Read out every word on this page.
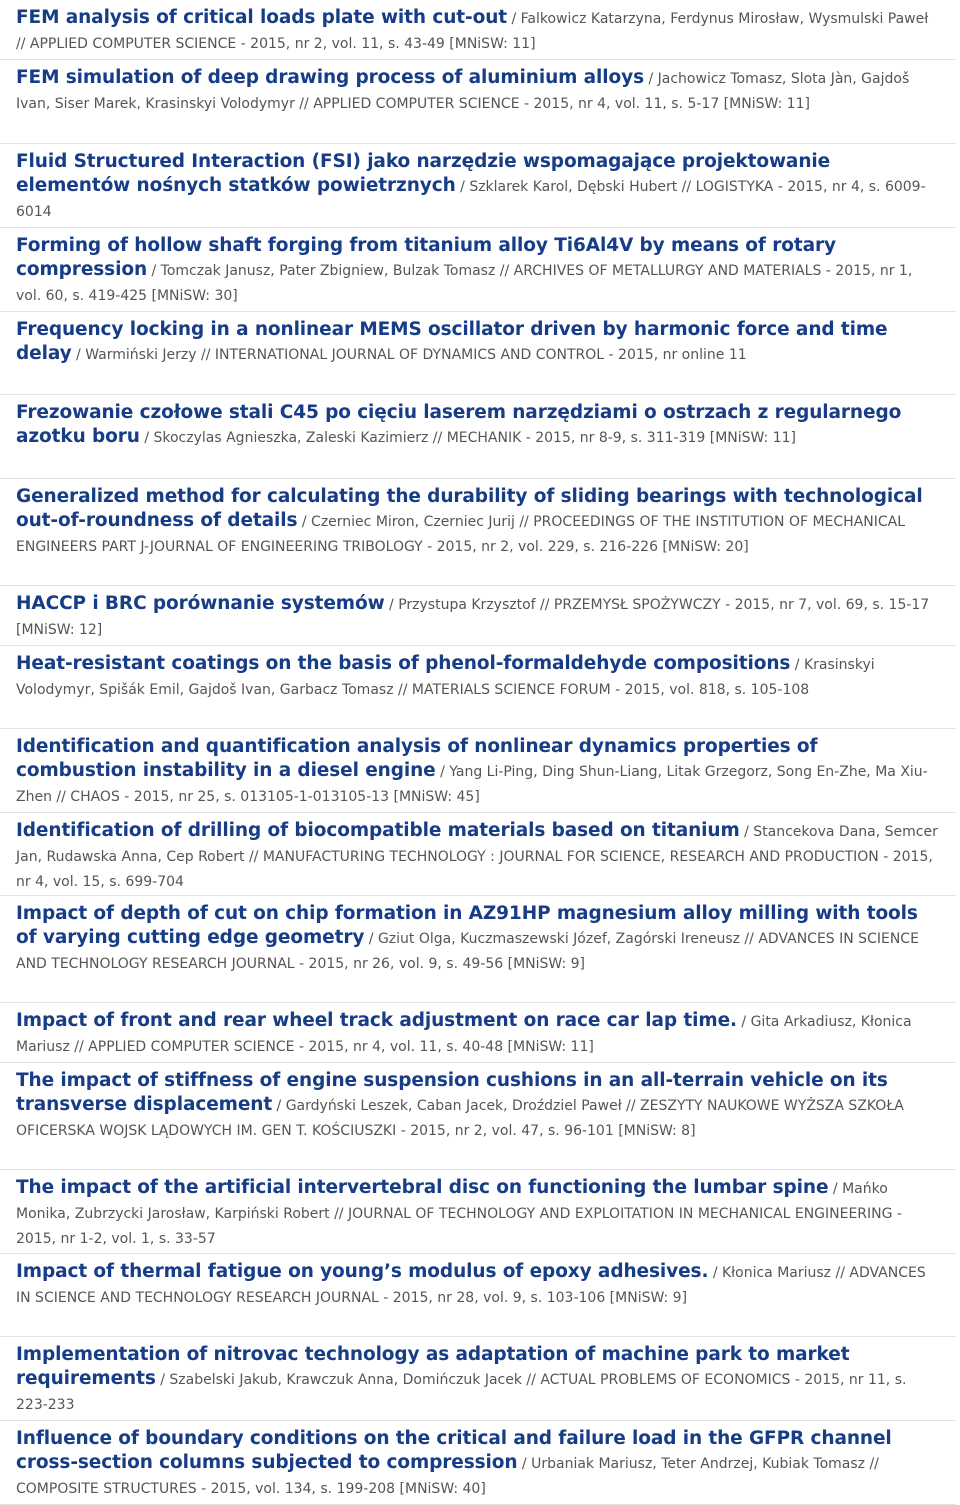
FEM analysis of critical loads plate with cut-out / Falkowicz Katarzyna, Ferdynus Mirosław, Wysmulski Paweł // APPLIED COMPUTER SCIENCE - 2015, nr 2, vol. 11, s. 43-49 [MNiSW: 11]
FEM simulation of deep drawing process of aluminium alloys / Jachowicz Tomasz, Slota Jàn, Gajdoš Ivan, Siser Marek, Krasinskyi Volodymyr // APPLIED COMPUTER SCIENCE - 2015, nr 4, vol. 11, s. 5-17 [MNiSW: 11]
Fluid Structured Interaction (FSI) jako narzędzie wspomagające projektowanie elementów nośnych statków powietrznych / Szklarek Karol, Dębski Hubert // LOGISTYKA - 2015, nr 4, s. 6009-6014
Forming of hollow shaft forging from titanium alloy Ti6Al4V by means of rotary compression / Tomczak Janusz, Pater Zbigniew, Bulzak Tomasz // ARCHIVES OF METALLURGY AND MATERIALS - 2015, nr 1, vol. 60, s. 419-425 [MNiSW: 30]
Frequency locking in a nonlinear MEMS oscillator driven by harmonic force and time delay / Warmiński Jerzy // INTERNATIONAL JOURNAL OF DYNAMICS AND CONTROL - 2015, nr online 11
Frezowanie czołowe stali C45 po cięciu laserem narzędziami o ostrzach z regularnego azotku boru / Skoczylas Agnieszka, Zaleski Kazimierz // MECHANIK - 2015, nr 8-9, s. 311-319 [MNiSW: 11]
Generalized method for calculating the durability of sliding bearings with technological out-of-roundness of details / Czerniec Miron, Czerniec Jurij // PROCEEDINGS OF THE INSTITUTION OF MECHANICAL ENGINEERS PART J-JOURNAL OF ENGINEERING TRIBOLOGY - 2015, nr 2, vol. 229, s. 216-226 [MNiSW: 20]
HACCP i BRC porównanie systemów / Przystupa Krzysztof // PRZEMYSŁ SPOŻYWCZY - 2015, nr 7, vol. 69, s. 15-17 [MNiSW: 12]
Heat-resistant coatings on the basis of phenol-formaldehyde compositions / Krasinskyi Volodymyr, Spišák Emil, Gajdoš Ivan, Garbacz Tomasz // MATERIALS SCIENCE FORUM - 2015, vol. 818, s. 105-108
Identification and quantification analysis of nonlinear dynamics properties of combustion instability in a diesel engine / Yang Li-Ping, Ding Shun-Liang, Litak Grzegorz, Song En-Zhe, Ma Xiu-Zhen // CHAOS - 2015, nr 25, s. 013105-1-013105-13 [MNiSW: 45]
Identification of drilling of biocompatible materials based on titanium / Stancekova Dana, Semcer Jan, Rudawska Anna, Cep Robert // MANUFACTURING TECHNOLOGY : JOURNAL FOR SCIENCE, RESEARCH AND PRODUCTION - 2015, nr 4, vol. 15, s. 699-704
Impact of depth of cut on chip formation in AZ91HP magnesium alloy milling with tools of varying cutting edge geometry / Gziut Olga, Kuczmaszewski Józef, Zagórski Ireneusz // ADVANCES IN SCIENCE AND TECHNOLOGY RESEARCH JOURNAL - 2015, nr 26, vol. 9, s. 49-56 [MNiSW: 9]
Impact of front and rear wheel track adjustment on race car lap time. / Gita Arkadiusz, Kłonica Mariusz // APPLIED COMPUTER SCIENCE - 2015, nr 4, vol. 11, s. 40-48 [MNiSW: 11]
The impact of stiffness of engine suspension cushions in an all-terrain vehicle on its transverse displacement / Gardyński Leszek, Caban Jacek, Droździel Paweł // ZESZYTY NAUKOWE WYŻSZA SZKOŁA OFICERSKA WOJSK LĄDOWYCH IM. GEN T. KOŚCIUSZKI - 2015, nr 2, vol. 47, s. 96-101 [MNiSW: 8]
The impact of the artificial intervertebral disc on functioning the lumbar spine / Mańko Monika, Zubrzycki Jarosław, Karpiński Robert // JOURNAL OF TECHNOLOGY AND EXPLOITATION IN MECHANICAL ENGINEERING - 2015, nr 1-2, vol. 1, s. 33-57
Impact of thermal fatigue on young’s modulus of epoxy adhesives. / Kłonica Mariusz // ADVANCES IN SCIENCE AND TECHNOLOGY RESEARCH JOURNAL - 2015, nr 28, vol. 9, s. 103-106 [MNiSW: 9]
Implementation of nitrovac technology as adaptation of machine park to market requirements / Szabelski Jakub, Krawczuk Anna, Domińczuk Jacek // ACTUAL PROBLEMS OF ECONOMICS - 2015, nr 11, s. 223-233
Influence of boundary conditions on the critical and failure load in the GFPR channel cross-section columns subjected to compression / Urbaniak Mariusz, Teter Andrzej, Kubiak Tomasz // COMPOSITE STRUCTURES - 2015, vol. 134, s. 199-208 [MNiSW: 40]
